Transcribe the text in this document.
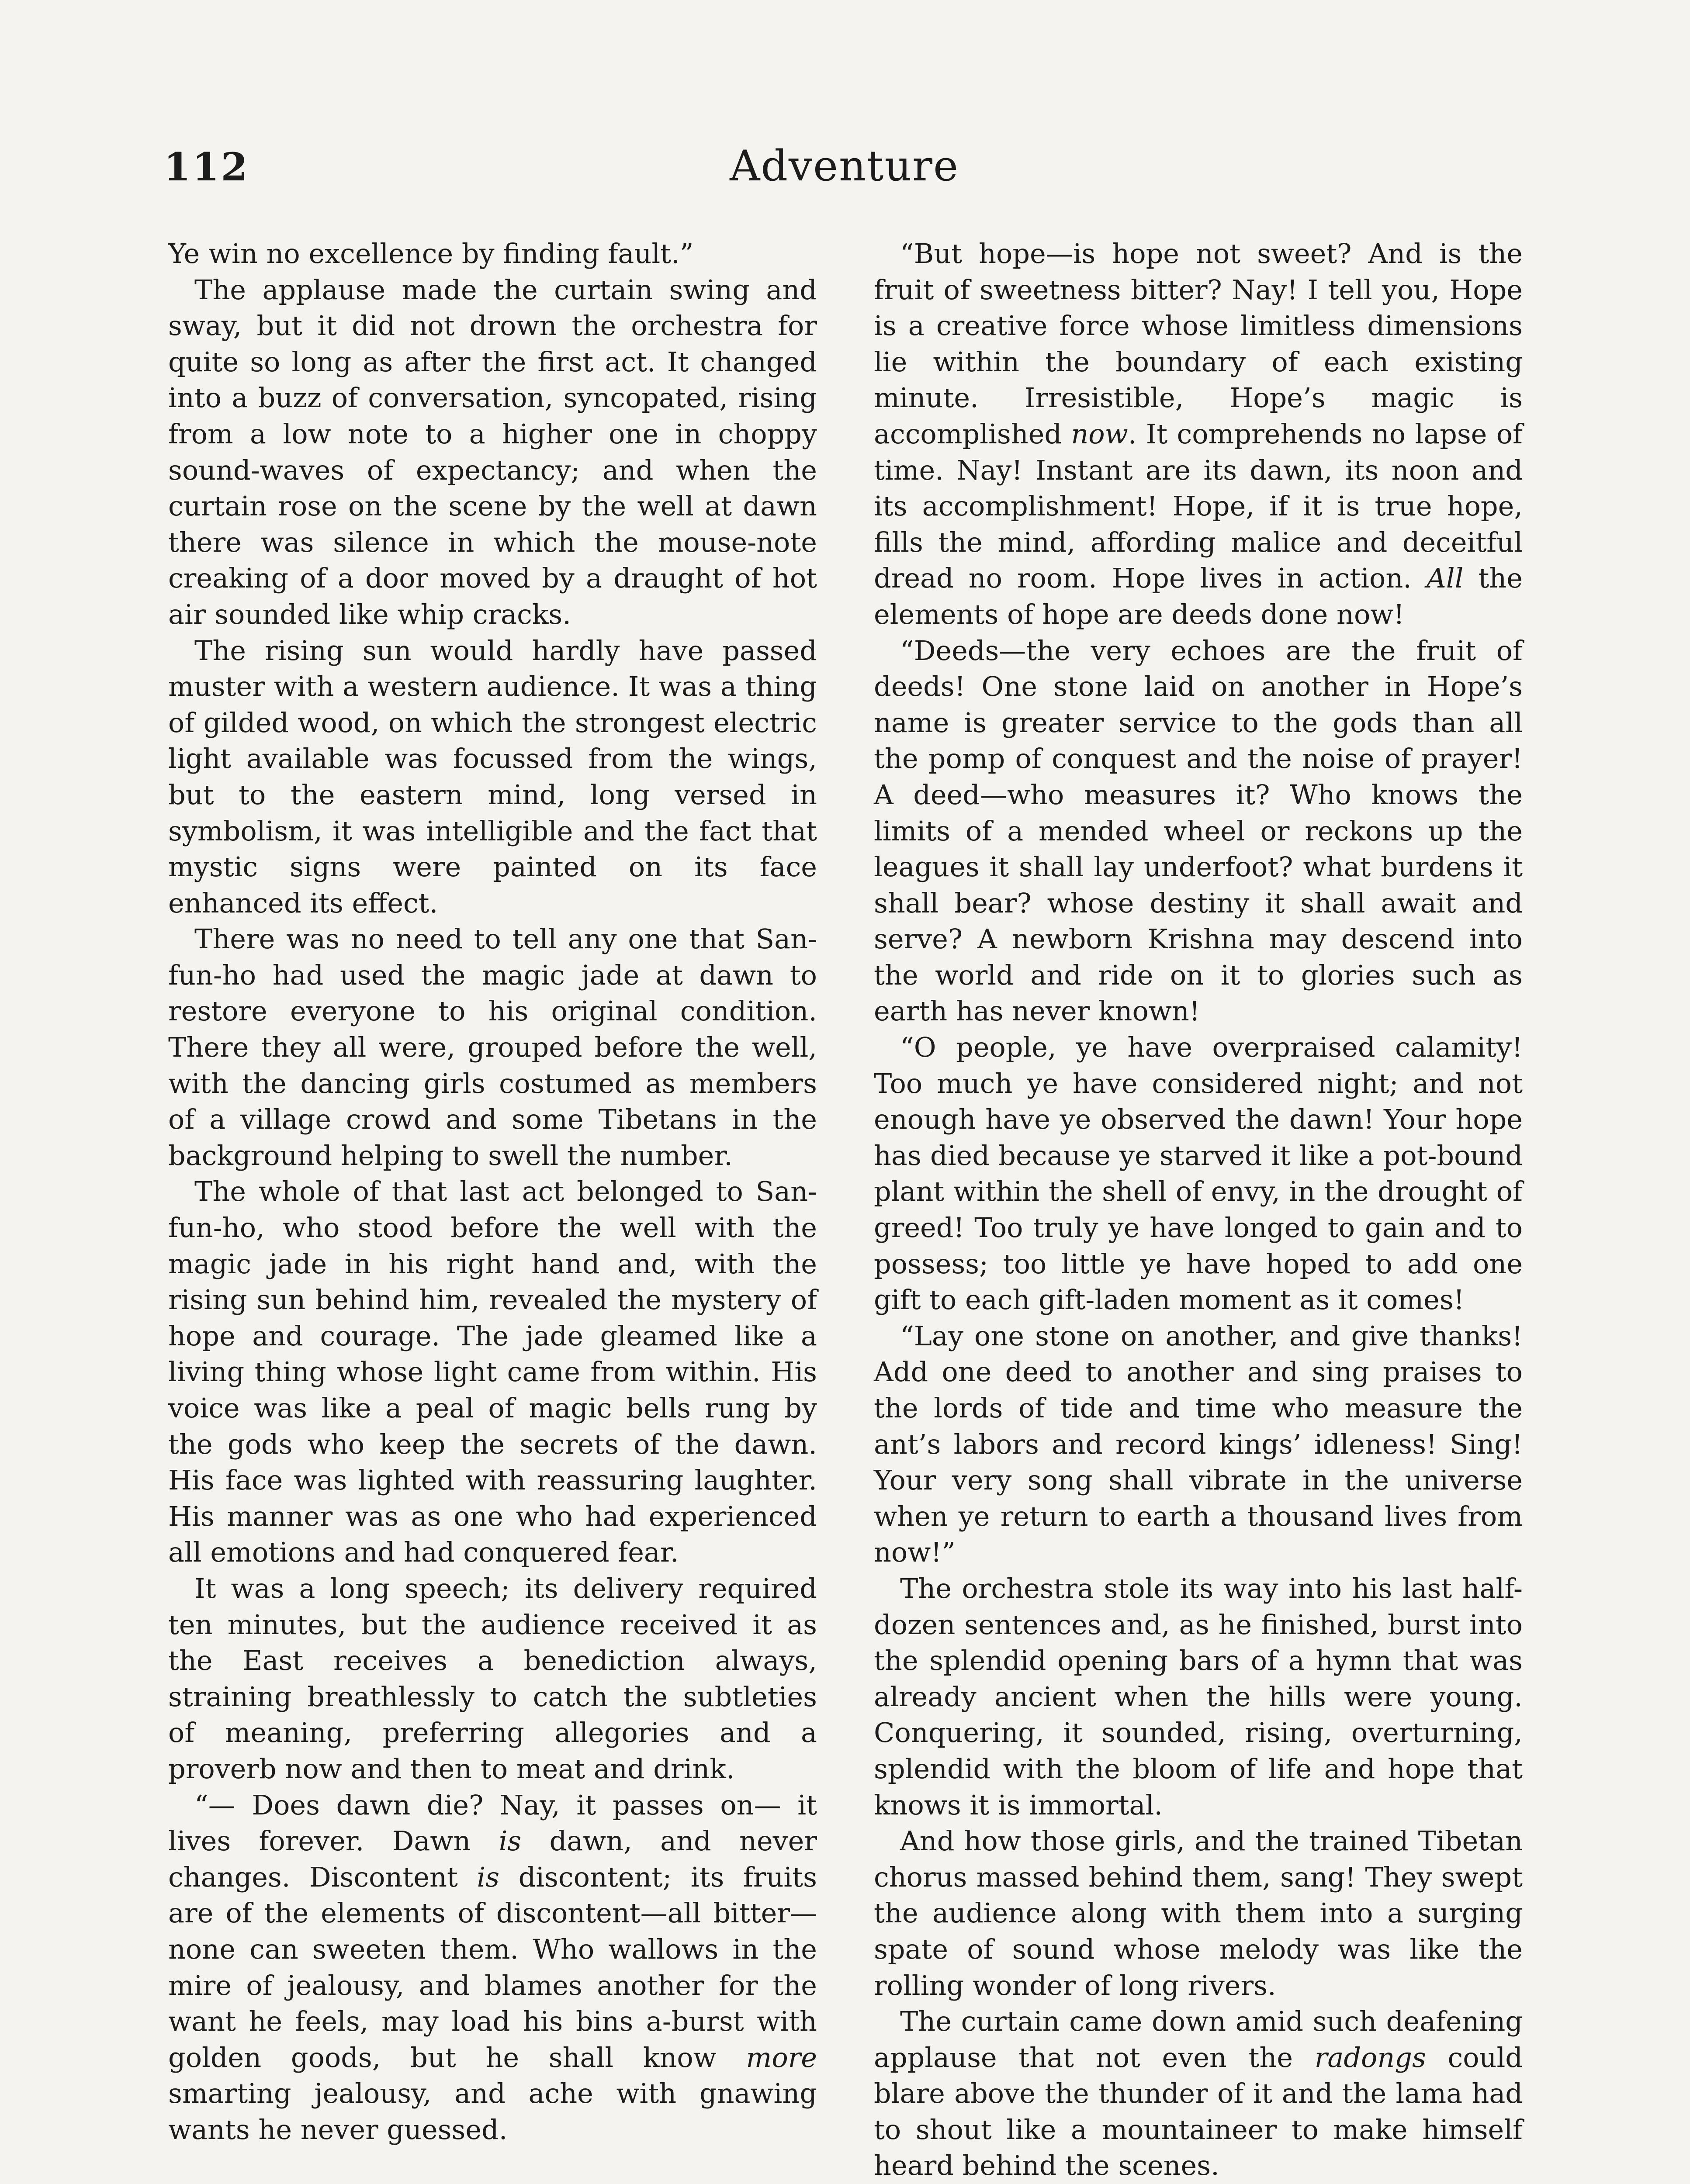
112	Adventure

Ye win no excellence by finding fault.”

The applause made the curtain swing and sway, but it did not drown the orchestra for quite so long as after the first act. It changed into a buzz of conversation, syncopated, rising from a low note to a higher one in choppy sound-waves of expectancy; and when the curtain rose on the scene by the well at dawn there was silence in which the mouse-note creaking of a door moved by a draught of hot air sounded like whip cracks.

The rising sun would hardly have passed muster with a western audience. It was a thing of gilded wood, on which the strongest electric light available was focussed from the wings, but to the eastern mind, long versed in symbolism, it was intelligible and the fact that mystic signs were painted on its face enhanced its effect.

There was no need to tell any one that San-fun-ho had used the magic jade at dawn to restore everyone to his original condition. There they all were, grouped before the well, with the dancing girls costumed as members of a village crowd and some Tibetans in the background helping to swell the number.

The whole of that last act belonged to San-fun-ho, who stood before the well with the magic jade in his right hand and, with the rising sun behind him, revealed the mystery of hope and courage. The jade gleamed like a living thing whose light came from within. His voice was like a peal of magic bells rung by the gods who keep the secrets of the dawn. His face was lighted with reassuring laughter. His manner was as one who had experienced all emotions and had conquered fear.

It was a long speech; its delivery required ten minutes, but the audience received it as the East receives a benediction always, straining breathlessly to catch the subtleties of meaning, preferring allegories and a proverb now and then to meat and drink.

“— Does dawn die? Nay, it passes on— it lives forever. Dawn is dawn, and never changes. Discontent is discontent; its fruits are of the elements of discontent—all bitter—none can sweeten them. Who wallows in the mire of jealousy, and blames another for the want he feels, may load his bins a-burst with golden goods, but he shall know more smarting jealousy, and ache with gnawing wants he never guessed.

“But hope—is hope not sweet? And is the fruit of sweetness bitter? Nay! I tell you, Hope is a creative force whose limitless dimensions lie within the boundary of each existing minute. Irresistible, Hope’s magic is accomplished now. It comprehends no lapse of time. Nay! Instant are its dawn, its noon and its accomplishment! Hope, if it is true hope, fills the mind, affording malice and deceitful dread no room. Hope lives in action. All the elements of hope are deeds done now!

“Deeds—the very echoes are the fruit of deeds! One stone laid on another in Hope’s name is greater service to the gods than all the pomp of conquest and the noise of prayer! A deed—who measures it? Who knows the limits of a mended wheel or reckons up the leagues it shall lay underfoot? what burdens it shall bear? whose destiny it shall await and serve? A newborn Krishna may descend into the world and ride on it to glories such as earth has never known!

“O people, ye have overpraised calamity! Too much ye have considered night; and not enough have ye observed the dawn! Your hope has died because ye starved it like a pot-bound plant within the shell of envy, in the drought of greed! Too truly ye have longed to gain and to possess; too little ye have hoped to add one gift to each gift-laden moment as it comes!

“Lay one stone on another, and give thanks! Add one deed to another and sing praises to the lords of tide and time who measure the ant’s labors and record kings’ idleness! Sing! Your very song shall vibrate in the universe when ye return to earth a thousand lives from now!”

The orchestra stole its way into his last half-dozen sentences and, as he finished, burst into the splendid opening bars of a hymn that was already ancient when the hills were young. Conquering, it sounded, rising, overturning, splendid with the bloom of life and hope that knows it is immortal.

And how those girls, and the trained Tibetan chorus massed behind them, sang! They swept the audience along with them into a surging spate of sound whose melody was like the rolling wonder of long rivers.

The curtain came down amid such deafening applause that not even the radongs could blare above the thunder of it and the lama had to shout like a mountaineer to make himself heard behind the scenes.
